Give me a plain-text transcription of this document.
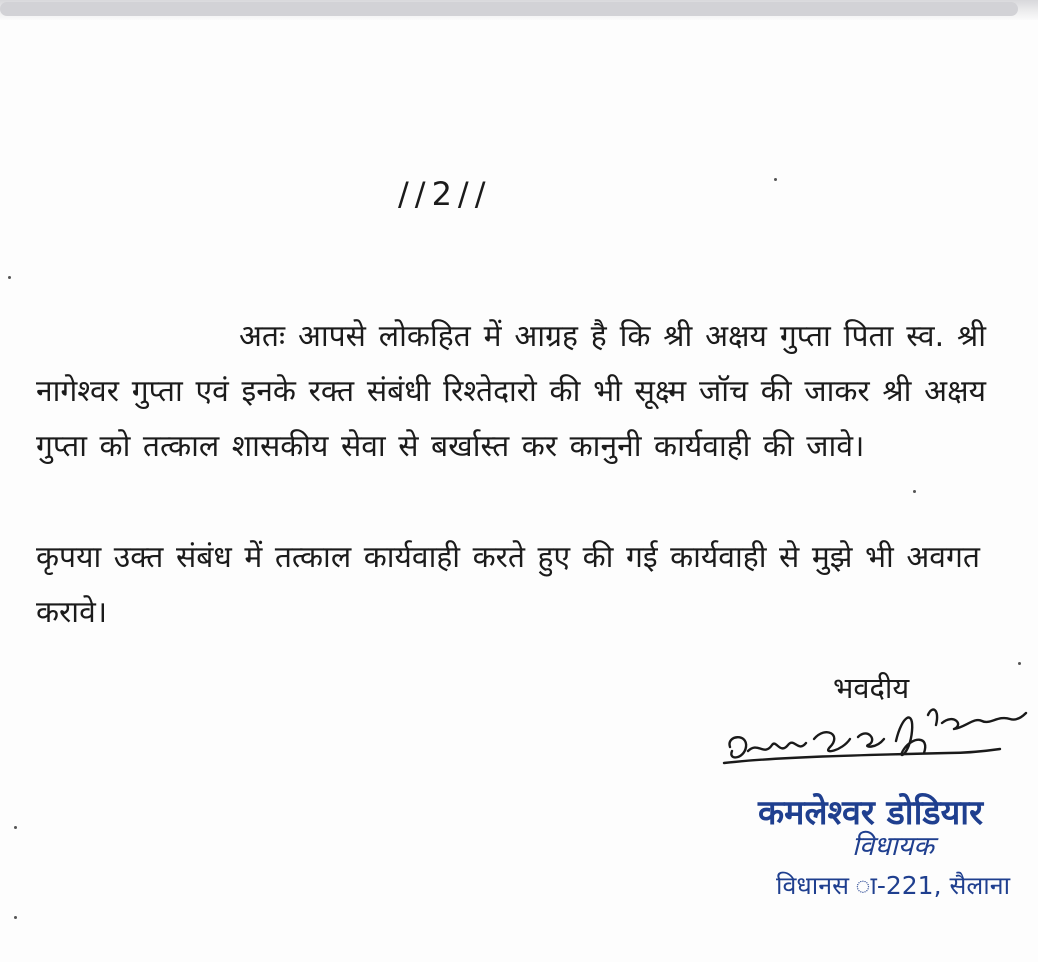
//2//

अतः आपसे लोकहित में आग्रह है कि श्री अक्षय गुप्ता पिता स्व. श्री नागेश्वर गुप्ता एवं इनके रक्त संबंधी रिश्तेदारो की भी सूक्ष्म जॉच की जाकर श्री अक्षय गुप्ता को तत्काल शासकीय सेवा से बर्खास्त कर कानुनी कार्यवाही की जावे।

कृपया उक्त संबंध में तत्काल कार्यवाही करते हुए की गई कार्यवाही से मुझे भी अवगत करावे।

भवदीय
कमलेश्वर डोडियार
विधायक
विधानस ा-221, सैलाना
